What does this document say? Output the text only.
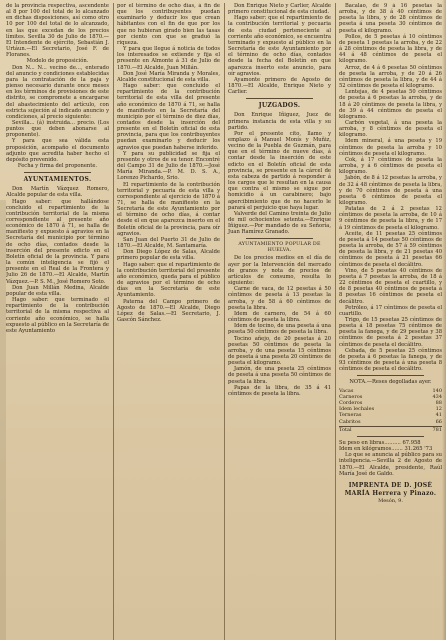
de la provincia respectiva, ascendente al 8 por 100 del total de lo alcanzado en dichas disposiciones, así como otro 10 por 100 del total de lo alcanzado, en las que excedan de los precios límites. Sevilla 30 de Julio de 1870.—El Intendente de ejército, Sebastián J. Urtáun.—El Secretario, José F. de Floranes.

Modelo de proposición.

Don N... N... vecino de..., enterado del anuncio y condiciones establecidas para la contratación de la paja y pienso necesario durante once meses en los términos de provisiones de este distrito, se compromete a encargarse del abastecimiento del artículo, con estricta sujeción al indicado anuncio y condiciones, al precio siguiente:

Sevilla... (á) instruida... precio. (Los puntos que deben abonarse al proponente).

Y para que sea válida esta proposición, acompaño el documento adjunto que acredita haber hecho el depósito prevenido.

Fecha y firma del proponente.

AYUNTAMIENTOS.

Don Martín Vázquez Romero, Alcalde popular de esta villa.

Hago saber: que hallándose concluido el repartimiento de la contribución territorial de la misma correspondiente al presente año económico de 1870 á 71, se halla de manifiesto y expuesto á agravios en la Secretaría del municipio por término de ocho días, contados desde la inserción del presente edicto en el Boletín oficial de la provincia. Y para la común inteligencia se fijó el presente en el Real de la Frontera y Julio 26 de 1870.—El Alcalde, Martín Vázquez.—P. S. M., José Romero Soto.

Don Juan Millán Medina, Alcalde popular de esta villa.

Hago saber: que terminado el repartimiento de la contribución territorial de la misma respectiva al corriente año económico, se halla expuesto al público en la Secretaría de este Ayuntamiento

por el término de ocho días, á fin de que los contribuyentes puedan examinarlo y deducir los que crean hábitantes con el fin de que por los que no hubieran girado bien las tasas por ciento con que se graduó la riqueza.

Y para que llegue á noticia de todos los interesados se extiende y fija el presente en Almonte á 31 de Julio de 1870.—El Alcalde, Juan Millán.

Don José María Miranda y Morales, Alcalde constitucional de esta villa.

Hago saber: que concluido el repartimiento de la contribución territorial de esta villa del presente año económico de 1870 á 71, se halla de manifiesto en la Secretaría del municipio por el término de diez días, contados desde la inserción del presente en el Boletín oficial de esta provincia, para que los contribuyentes puedan examinarlo y deducir los agravios que puedan haberse inferido.

Y para su publicidad se fija el presente y otros de su tenor. Encontré del Campo 31 de Julio de 1870.—José María Miranda.—P. M. D. S. A., Lorenzo Pichardo, Srio.

El repartimiento de la contribución territorial y pecuaria de esta villa y correspondiente al ejercicio de 1870 á 71, se halla de manifiesto en la Secretaría de este Ayuntamiento por el término de ocho días, á contar desde el en que aparezca inserto en el Boletín oficial de la provincia, para oír agravios.

San Juan del Puerto 31 de Julio de 1870.—El Alcalde, M. Santamaría.

Don Diego López de Salas, Alcalde primero popular de esta villa.

Hago saber: que el repartimiento de la contribución territorial del presente año económico, queda para el público de agravios por el término de ocho días en la Secretaría de este Ayuntamiento.

Paterna del Campo primero de Agosto de 1870.—El Alcalde, Diego López de Salas.—El Secretario, J. Gascón Sánchez.

Don Enrique Nieto y Carlier, Alcalde primero constitucional de esta ciudad.

Hago saber: que el repartimiento de la contribución territorial y pecuaria de esta ciudad perteneciente al corriente año económico, se encuentra terminado y expuesto al público en la Secretaría de este Ayuntamiento por el término de ocho días, contados desde la fecha del Boletín en que aparezca inserto este anuncio, para oír agravios.

Ayamonte primero de Agosto de 1870.—El Alcalde, Enrique Nieto y Carlier.

JUZGADOS.

Don Enrique Iñiguez, Juez de primera instancia de esta villa y su partido.

Por el presente cito, llamo y emplazo á Manuel Monís y Muñiz, vecino de la Puebla de Guzmán, para que en el término de nueve días, á contar desde la inserción de este edicto en el Boletín oficial de esta provincia, se presente en la cárcel de esta cabeza de partido á responder á los cargos que le resultan en la causa que contra el mismo se sigue por homicidio á un carabinero; bajo apercibimiento que de no hacerlo le parará el perjuicio que haya lugar.

Valverde del Camino treinta de Julio de mil ochocientos setenta.—Enrique Iñiguez.—Por mandado de su Señoría, Juan Ramírez Granado.

AYUNTAMIENTO POPULAR DE HUELVA.

De los precios medios en el día de ayer por la Intervención del mercado de granos y nota de precios de artículos de consumo, resulta lo siguiente:

Carne de vaca, de 12 pesetas á 50 céntimos de peseta á 13 pesetas la arroba, y de 58 á 60 céntimos de peseta la libra.

Idem de carnero, de 54 á 60 céntimos de peseta la libra.

Idem de tocino, de una peseta á una peseta 50 céntimos de peseta la libra.

Tocino añejo, de 20 pesetas á 20 pesetas 50 céntimos de peseta la arroba, y de una peseta 15 céntimos de peseta á una peseta 20 céntimos de peseta el kilogramo.

Jamón, de una peseta 25 céntimos de peseta á una peseta 50 céntimos de peseta la libra.

Papas de la libra, de 35 á 41 céntimos de peseta la libra.

Bacalao, de 9 á 16 pesetas la arroba, y de 38 á 40 céntimos de peseta la libra, y de 28 céntimos de peseta á una peseta 30 céntimos de peseta el kilogramo.

Pollos, de 5 pesetas á 10 céntimos de peseta 1 pesetas la arroba, y de 22 á 28 céntimos de peseta la libra, y de 44 á 48 céntimos de peseta el kilogramo.

Arroz, de 4 á 6 pesetas 50 céntimos de peseta la arroba, y de 20 á 26 céntimos de peseta la libra, y de 44 á 52 céntimos de peseta el kilogramo.

Lentejas, de 4 pesetas 50 céntimos de peseta á 6 pesetas la arroba, y de 18 á 20 céntimos de peseta la libra, y de 39 á 44 céntimos de peseta el kilogramo.

Carbón vegetal, á una peseta la arroba, y 8 céntimos de peseta el kilogramo.

Idem mineral, á una peseta y 19 céntimos de peseta la arroba y 10 céntimos de peseta el kilogramo.

Cok, á 17 céntimos de peseta la arroba, y á 6 céntimos de peseta el kilogramo.

Jabón, de 8 á 12 pesetas la arroba, y de 32 á 48 céntimos de peseta la libra, y de 70 céntimos de peseta á una peseta 6 céntimos de peseta el kilogramo.

Patatas de 2 á 2 pesetas 12 céntimos de peseta la arroba, de 10 á 9 céntimos de peseta la libra, y de 17 á 19 céntimos de peseta el kilogramo.

Aceite, de 11 pesetas 25 céntimos de peseta á 14 pesetas 50 céntimos de peseta la arroba, de 57 á 59 céntimos de peseta la libra, y de 21 pesetas 40 céntimos de peseta á 21 pesetas 66 céntimos de peseta el decálitro.

Vino, de 5 pesetas 40 céntimos de peseta á 7 pesetas la arroba, de 18 á 22 céntimos de peseta el cuartillo, y de 8 pesetas 40 céntimos de peseta á 8 pesetas 16 céntimos de peseta el decálitro.

Petróleo, á 17 céntimos de peseta el cuartillo.

Trigo, de 15 pesetas 25 céntimos de peseta á 18 pesetas 75 céntimos de peseta la fanega, y de 29 pesetas y 38 céntimos de peseta á 2 pesetas 37 céntimos de peseta el decálitro.

Cebada, de 5 pesetas 25 céntimos de peseta á 6 pesetas la fanega, y de 93 céntimos de peseta á una peseta 8 céntimos de peseta el decálitro.

NOTA.—Reses degolladas ayer.

Vacas	140
Carneros	434
Corderos	88
Idem lechales	12
Terneras	41
Cabritos	66
Total	781

Su peso en libras.......... 67.958

Idem en kilógramos....... 31.265 '73

Lo que se anuncia al público para su inteligencia.—Sevilla 2 de Agosto de 1870.—El Alcalde, presidente, Raúl María José de Galdo.

IMPRENTA DE D. JOSÉ MARÍA Herrera y Pinazo.
Mesón, 9.
